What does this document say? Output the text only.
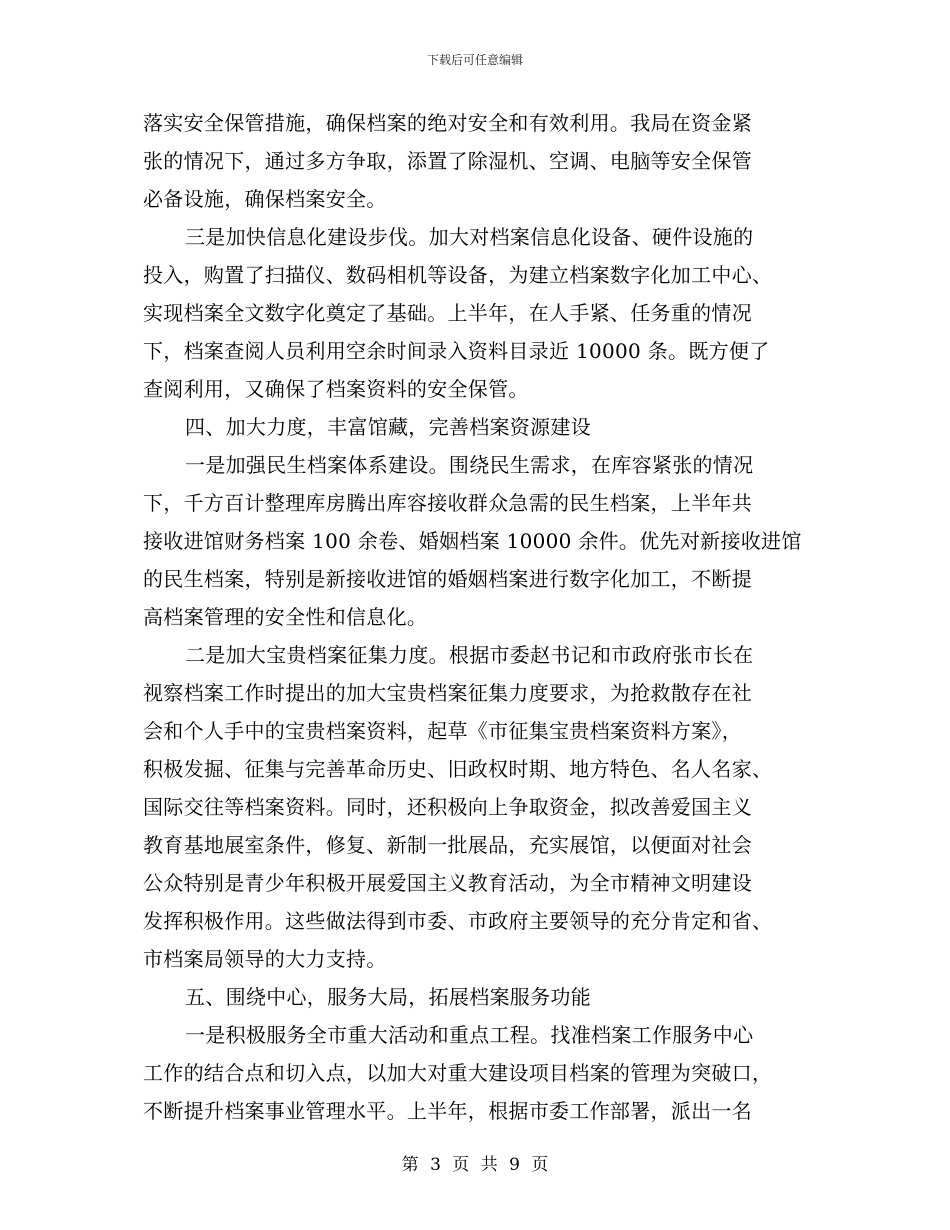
下载后可任意编辑
落实安全保管措施，确保档案的绝对安全和有效利用。我局在资金紧
张的情况下，通过多方争取，添置了除湿机、空调、电脑等安全保管
必备设施，确保档案安全。
三是加快信息化建设步伐。加大对档案信息化设备、硬件设施的
投入，购置了扫描仪、数码相机等设备，为建立档案数字化加工中心、
实现档案全文数字化奠定了基础。上半年，在人手紧、任务重的情况
下，档案查阅人员利用空余时间录入资料目录近 10000 条。既方便了
查阅利用，又确保了档案资料的安全保管。
四、加大力度，丰富馆藏，完善档案资源建设
一是加强民生档案体系建设。围绕民生需求，在库容紧张的情况
下，千方百计整理库房腾出库容接收群众急需的民生档案，上半年共
接收进馆财务档案 100 余卷、婚姻档案 10000 余件。优先对新接收进馆
的民生档案，特别是新接收进馆的婚姻档案进行数字化加工，不断提
高档案管理的安全性和信息化。
二是加大宝贵档案征集力度。根据市委赵书记和市政府张市长在
视察档案工作时提出的加大宝贵档案征集力度要求，为抢救散存在社
会和个人手中的宝贵档案资料，起草《市征集宝贵档案资料方案》，
积极发掘、征集与完善革命历史、旧政权时期、地方特色、名人名家、
国际交往等档案资料。同时，还积极向上争取资金，拟改善爱国主义
教育基地展室条件，修复、新制一批展品，充实展馆，以便面对社会
公众特别是青少年积极开展爱国主义教育活动，为全市精神文明建设
发挥积极作用。这些做法得到市委、市政府主要领导的充分肯定和省、
市档案局领导的大力支持。
五、围绕中心，服务大局，拓展档案服务功能
一是积极服务全市重大活动和重点工程。找准档案工作服务中心
工作的结合点和切入点，以加大对重大建设项目档案的管理为突破口，
不断提升档案事业管理水平。上半年，根据市委工作部署，派出一名
第 3 页 共 9 页
